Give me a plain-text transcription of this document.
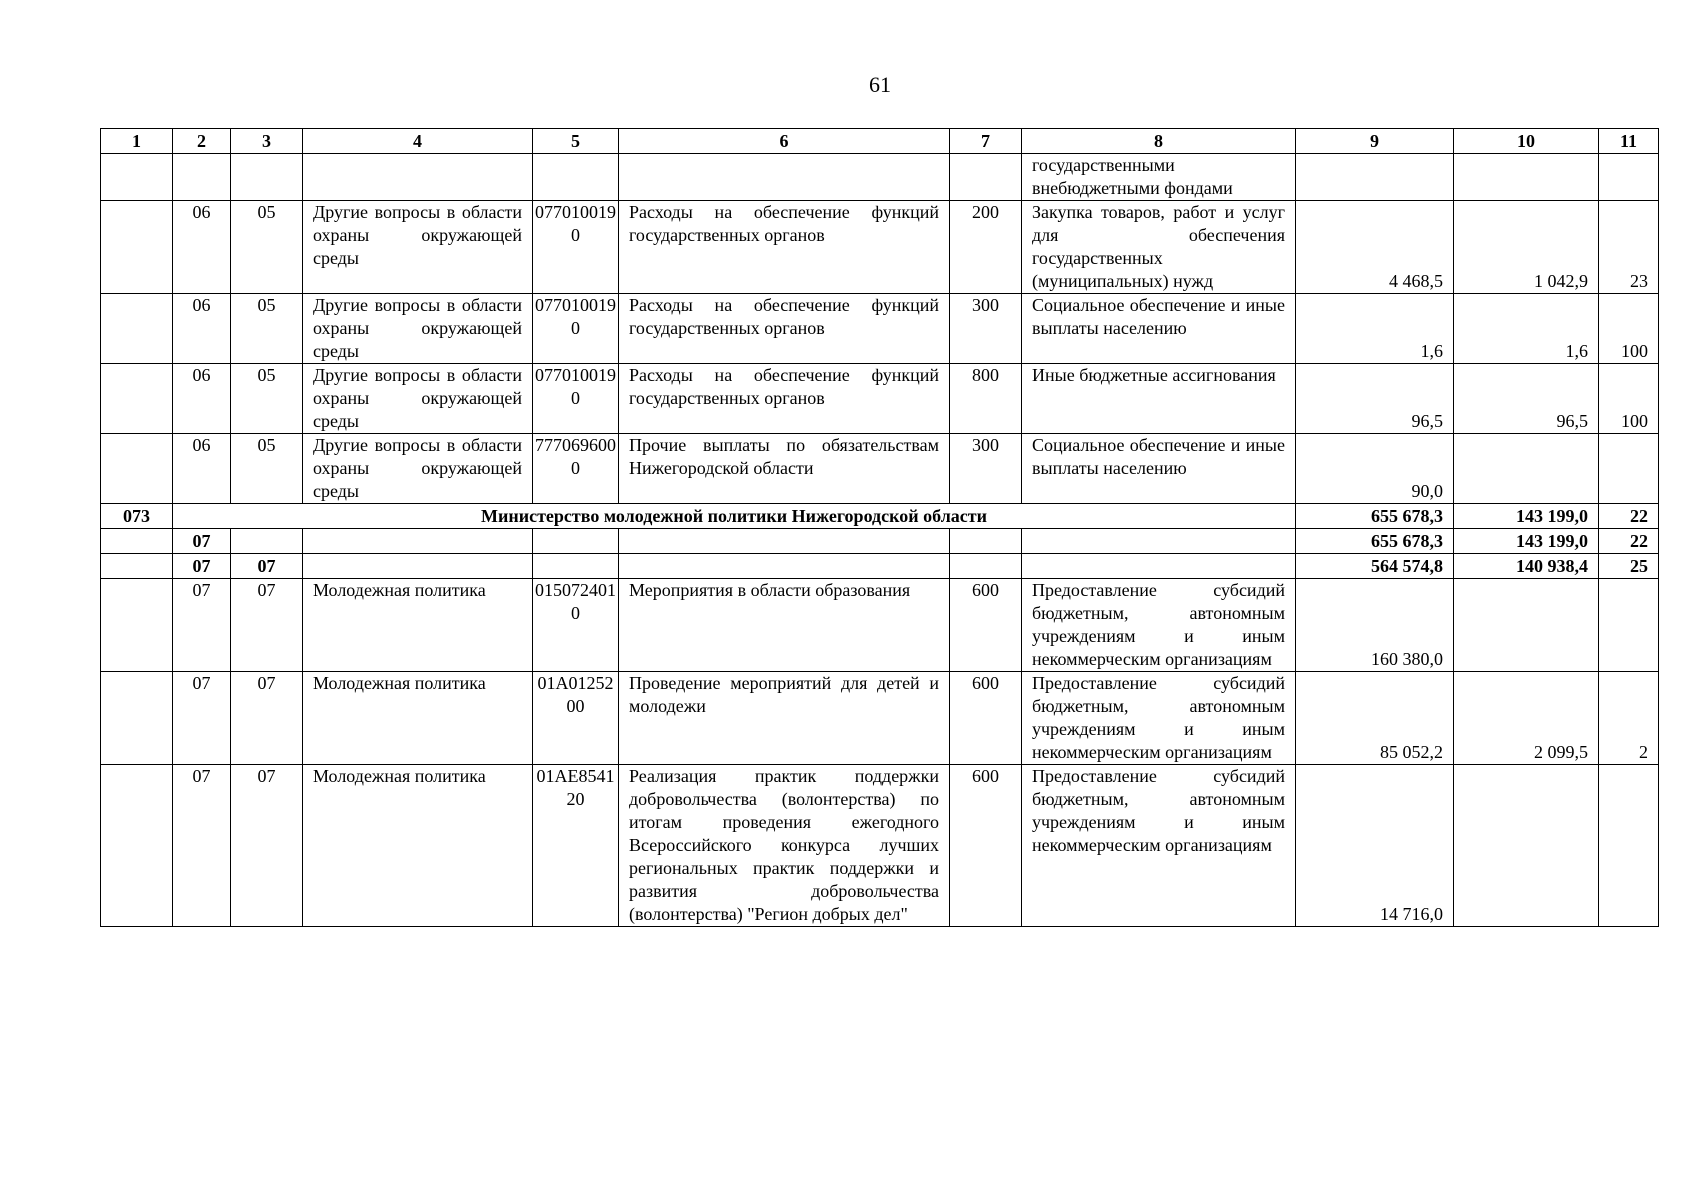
61
1	2	3	4	5	6	7	8	9	10	11
							государственными внебюджетными фондами			
	06	05	Другие вопросы в области охраны окружающей среды	0770100190	Расходы на обеспечение функций государственных органов	200	Закупка товаров, работ и услуг для обеспечения государственных (муниципальных) нужд	4 468,5	1 042,9	23
	06	05	Другие вопросы в области охраны окружающей среды	0770100190	Расходы на обеспечение функций государственных органов	300	Социальное обеспечение и иные выплаты населению	1,6	1,6	100
	06	05	Другие вопросы в области охраны окружающей среды	0770100190	Расходы на обеспечение функций государственных органов	800	Иные бюджетные ассигнования	96,5	96,5	100
	06	05	Другие вопросы в области охраны окружающей среды	7770696000	Прочие выплаты по обязательствам Нижегородской области	300	Социальное обеспечение и иные выплаты населению	90,0		
073	Министерство молодежной политики Нижегородской области							655 678,3	143 199,0	22
	07							655 678,3	143 199,0	22
	07	07						564 574,8	140 938,4	25
	07	07	Молодежная политика	0150724010	Мероприятия в области образования	600	Предоставление субсидий бюджетным, автономным учреждениям и иным некоммерческим организациям	160 380,0		
	07	07	Молодежная политика	01А0125200	Проведение мероприятий для детей и молодежи	600	Предоставление субсидий бюджетным, автономным учреждениям и иным некоммерческим организациям	85 052,2	2 099,5	2
	07	07	Молодежная политика	01АЕ854120	Реализация практик поддержки добровольчества (волонтерства) по итогам проведения ежегодного Всероссийского конкурса лучших региональных практик поддержки и развития добровольчества (волонтерства) "Регион добрых дел"	600	Предоставление субсидий бюджетным, автономным учреждениям и иным некоммерческим организациям	14 716,0		
